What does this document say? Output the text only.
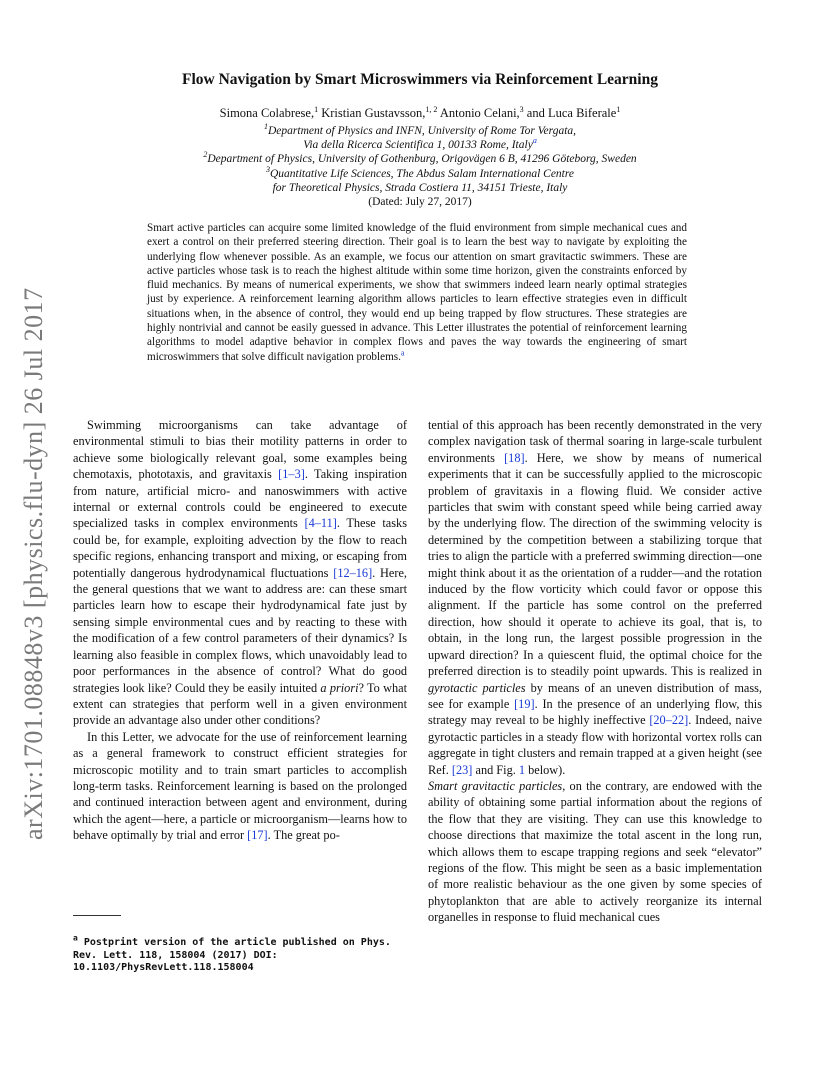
arXiv:1701.08848v3 [physics.flu-dyn] 26 Jul 2017
Flow Navigation by Smart Microswimmers via Reinforcement Learning
Simona Colabrese,$^1$ Kristian Gustavsson,$^{1, 2}$ Antonio Celani,$^3$ and Luca Biferale$^1$
$^1$Department of Physics and INFN, University of Rome Tor Vergata,
Via della Ricerca Scientifica 1, 00133 Rome, Italy$^a$
$^2$Department of Physics, University of Gothenburg, Origovägen 6 B, 41296 Göteborg, Sweden
$^3$Quantitative Life Sciences, The Abdus Salam International Centre
for Theoretical Physics, Strada Costiera 11, 34151 Trieste, Italy
(Dated: July 27, 2017)
Smart active particles can acquire some limited knowledge of the fluid environment from simple mechanical cues and exert a control on their preferred steering direction. Their goal is to learn the best way to navigate by exploiting the underlying flow whenever possible. As an example, we focus our attention on smart gravitactic swimmers. These are active particles whose task is to reach the highest altitude within some time horizon, given the constraints enforced by fluid mechanics. By means of numerical experiments, we show that swimmers indeed learn nearly optimal strategies just by experience. A reinforcement learning algorithm allows particles to learn effective strategies even in difficult situations when, in the absence of control, they would end up being trapped by flow structures. These strategies are highly nontrivial and cannot be easily guessed in advance. This Letter illustrates the potential of reinforcement learning algorithms to model adaptive behavior in complex flows and paves the way towards the engineering of smart microswimmers that solve difficult navigation problems.$^a$

Swimming microorganisms can take advantage of environmental stimuli to bias their motility patterns in order to achieve some biologically relevant goal, some examples being chemotaxis, phototaxis, and gravitaxis [1–3]. Taking inspiration from nature, artificial micro- and nanoswimmers with active internal or external controls could be engineered to execute specialized tasks in complex environments [4–11]. These tasks could be, for example, exploiting advection by the flow to reach specific regions, enhancing transport and mixing, or escaping from potentially dangerous hydrodynamical fluctuations [12–16]. Here, the general questions that we want to address are: can these smart particles learn how to escape their hydrodynamical fate just by sensing simple environmental cues and by reacting to these with the modification of a few control parameters of their dynamics? Is learning also feasible in complex flows, which unavoidably lead to poor performances in the absence of control? What do good strategies look like? Could they be easily intuited a priori? To what extent can strategies that perform well in a given environment provide an advantage also under other conditions?

In this Letter, we advocate for the use of reinforcement learning as a general framework to construct efficient strategies for microscopic motility and to train smart particles to accomplish long-term tasks. Reinforcement learning is based on the prolonged and continued interaction between agent and environment, during which the agent—here, a particle or microorganism—learns how to behave optimally by trial and error [17]. The great po-

tential of this approach has been recently demonstrated in the very complex navigation task of thermal soaring in large-scale turbulent environments [18]. Here, we show by means of numerical experiments that it can be successfully applied to the microscopic problem of gravitaxis in a flowing fluid. We consider active particles that swim with constant speed while being carried away by the underlying flow. The direction of the swimming velocity is determined by the competition between a stabilizing torque that tries to align the particle with a preferred swimming direction—one might think about it as the orientation of a rudder—and the rotation induced by the flow vorticity which could favor or oppose this alignment. If the particle has some control on the preferred direction, how should it operate to achieve its goal, that is, to obtain, in the long run, the largest possible progression in the upward direction? In a quiescent fluid, the optimal choice for the preferred direction is to steadily point upwards. This is realized in gyrotactic particles by means of an uneven distribution of mass, see for example [19]. In the presence of an underlying flow, this strategy may reveal to be highly ineffective [20–22]. Indeed, naive gyrotactic particles in a steady flow with horizontal vortex rolls can aggregate in tight clusters and remain trapped at a given height (see Ref. [23] and Fig. 1 below).

Smart gravitactic particles, on the contrary, are endowed with the ability of obtaining some partial information about the regions of the flow that they are visiting. They can use this knowledge to choose directions that maximize the total ascent in the long run, which allows them to escape trapping regions and seek “elevator” regions of the flow. This might be seen as a basic implementation of more realistic behaviour as the one given by some species of phytoplankton that are able to actively reorganize its internal organelles in response to fluid mechanical cues

$^a$ Postprint version of the article published on Phys. Rev. Lett. 118, 158004 (2017) DOI: 10.1103/PhysRevLett.118.158004
